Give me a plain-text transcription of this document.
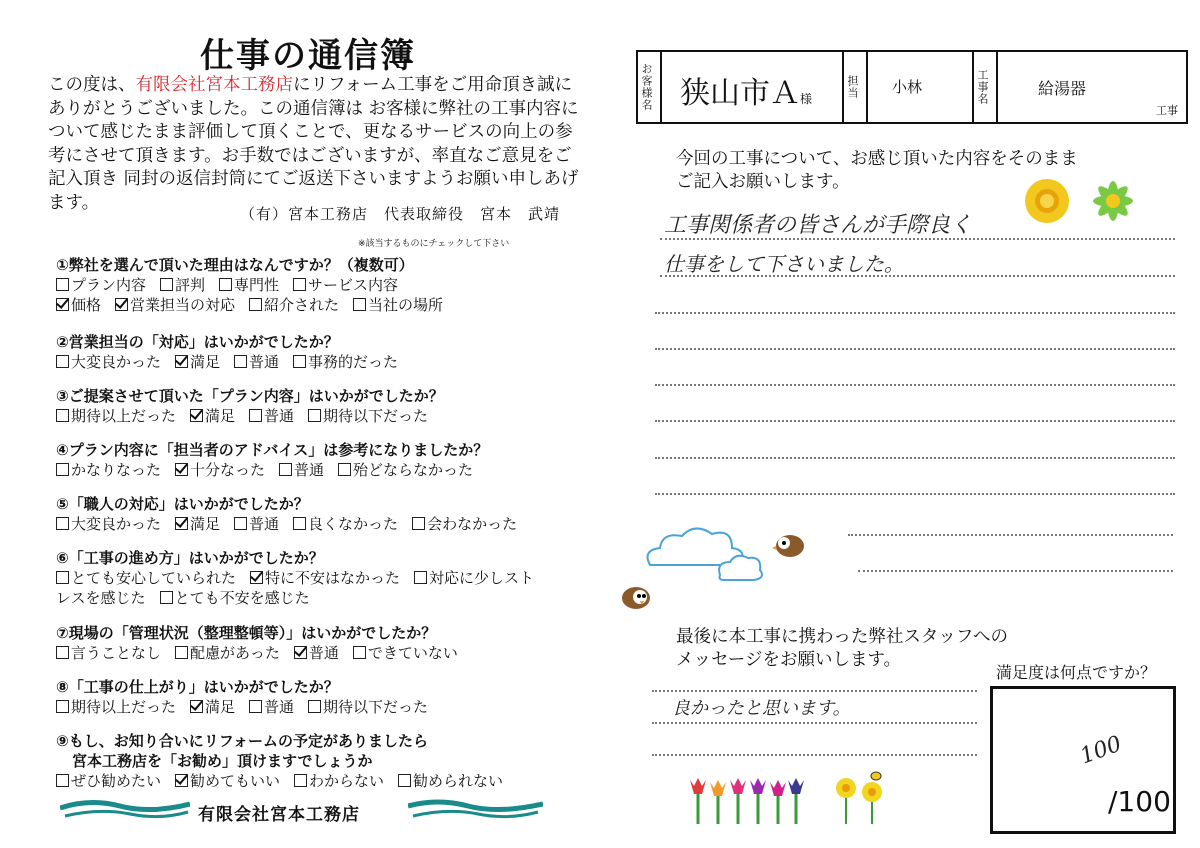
仕事の通信簿
この度は、有限会社宮本工務店にリフォーム工事をご用命頂き誠にありがとうございました。この通信簿は お客様に弊社の工事内容について感じたまま評価して頂くことで、更なるサービスの向上の参考にさせて頂きます。お手数ではございますが、率直なご意見をご記入頂き 同封の返信封筒にてご返送下さいますようお願い申しあげます。
（有）宮本工務店　代表取締役　宮本　武靖
※該当するものにチェックして下さい
①弊社を選んで頂いた理由はなんですか？（複数可）
プラン内容 評判 専門性 サービス内容
価格 営業担当の対応 紹介された 当社の場所
②営業担当の「対応」はいかがでしたか？
大変良かった 満足 普通 事務的だった
③ご提案させて頂いた「プラン内容」はいかがでしたか？
期待以上だった 満足 普通 期待以下だった
④プラン内容に「担当者のアドバイス」は参考になりましたか？
かなりなった 十分なった 普通 殆どならなかった
⑤「職人の対応」はいかがでしたか？
大変良かった 満足 普通 良くなかった 会わなかった
⑥「工事の進め方」はいかがでしたか？
とても安心していられた 特に不安はなかった 対応に少しスト
レスを感じた とても不安を感じた
⑦現場の「管理状況（整理整頓等）」はいかがでしたか？
言うことなし 配慮があった 普通 できていない
⑧「工事の仕上がり」はいかがでしたか？
期待以上だった 満足 普通 期待以下だった
⑨もし、お知り合いにリフォームの予定がありましたら
宮本工務店を「お勧め」頂けますでしょうか
ぜひ勧めたい 勧めてもいい わからない 勧められない
有限会社宮本工務店
お客様名 狭山市Ａ様	担当 小林	工事名	給湯器
工事
今回の工事について、お感じ頂いた内容をそのまま
ご記入お願いします。
工事関係者の皆さんが手際良く
仕事をして下さいました。
最後に本工事に携わった弊社スタッフへの
メッセージをお願いします。
良かったと思います。
満足度は何点ですか？
100
/100
